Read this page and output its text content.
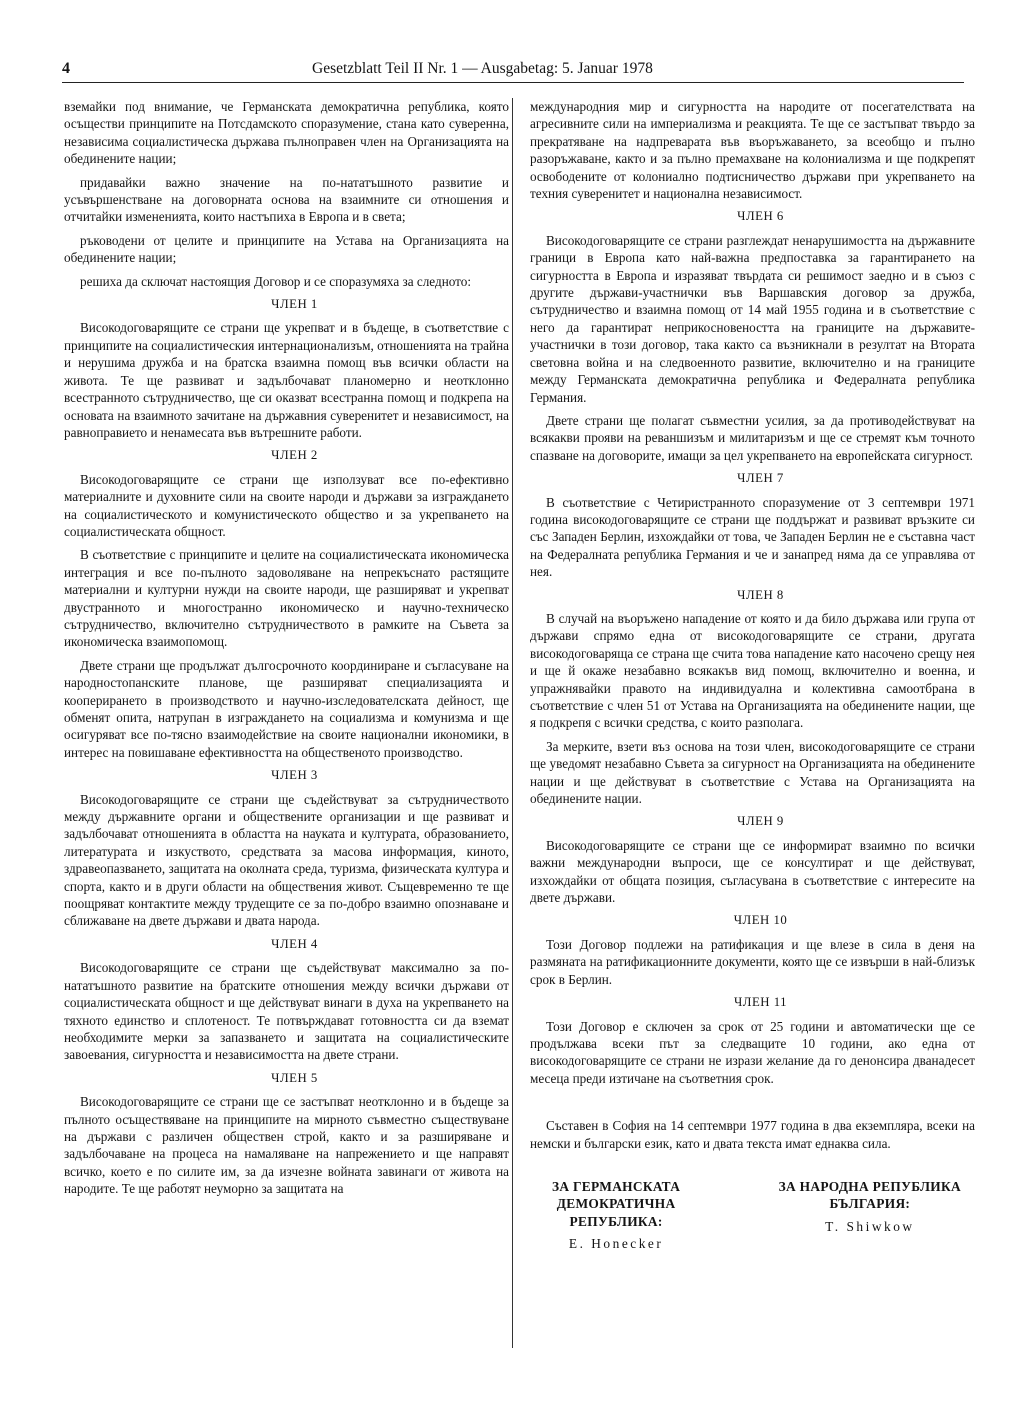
4	Gesetzblatt Teil II Nr. 1 — Ausgabetag: 5. Januar 1978

вземайки под внимание, че Германската демократична република, която осъществи принципите на Потсдамското споразумение, стана като суверенна, независима социалистическа държава пълноправен член на Организацията на обединените нации;

придавайки важно значение на по-нататъшното развитие и усъвършенстване на договорната основа на взаимните си отношения и отчитайки измененията, които настъпиха в Европа и в света;

ръководени от целите и принципите на Устава на Организацията на обединените нации;

решиха да сключат настоящия Договор и се споразумяха за следното:

ЧЛЕН 1

Високодоговарящите се страни ще укрепват и в бъдеще, в съответствие с принципите на социалистическия интернационализъм, отношенията на трайна и нерушима дружба и на братска взаимна помощ във всички области на живота. Те ще развиват и задълбочават планомерно и неотклонно всестранното сътрудничество, ще си оказват всестранна помощ и подкрепа на основата на взаимното зачитане на държавния суверенитет и независимост, на равноправието и ненамесата във вътрешните работи.

ЧЛЕН 2

Високодоговарящите се страни ще използуват все по-ефективно материалните и духовните сили на своите народи и държави за изграждането на социалистическото и комунистическото общество и за укрепването на социалистическата общност.

В съответствие с принципите и целите на социалистическата икономическа интеграция и все по-пълното задоволяване на непрекъснато растящите материални и културни нужди на своите народи, ще разширяват и укрепват двустранното и многостранно икономическо и научно-техническо сътрудничество, включително сътрудничеството в рамките на Съвета за икономическа взаимопомощ.

Двете страни ще продължат дългосрочното координиране и съгласуване на народностопанските планове, ще разширяват специализацията и кооперирането в производството и научно-изследователската дейност, ще обменят опита, натрупан в изграждането на социализма и комунизма и ще осигуряват все по-тясно взаимодействие на своите национални икономики, в интерес на повишаване ефективността на общественото производство.

ЧЛЕН 3

Високодоговарящите се страни ще съдействуват за сътрудничеството между държавните органи и обществените организации и ще развиват и задълбочават отношенията в областта на науката и културата, образованието, литературата и изкуството, средствата за масова информация, киното, здравеопазването, защитата на околната среда, туризма, физическата култура и спорта, както и в други области на обществения живот. Същевременно те ще поощряват контактите между трудещите се за по-добро взаимно опознаване и сближаване на двете държави и двата народа.

ЧЛЕН 4

Високодоговарящите се страни ще съдействуват максимално за по-нататъшното развитие на братските отношения между всички държави от социалистическата общност и ще действуват винаги в духа на укрепването на тяхното единство и сплотеност. Те потвърждават готовността си да вземат необходимите мерки за запазването и защитата на социалистическите завоевания, сигурността и независимостта на двете страни.

ЧЛЕН 5

Високодоговарящите се страни ще се застъпват неотклонно и в бъдеще за пълното осъществяване на принципите на мирното съвместно съществуване на държави с различен обществен строй, както и за разширяване и задълбочаване на процеса на намаляване на напрежението и ще направят всичко, което е по силите им, за да изчезне войната завинаги от живота на народите. Те ще работят неуморно за защитата на

международния мир и сигурността на народите от посегателствата на агресивните сили на империализма и реакцията. Те ще се застъпват твърдо за прекратяване на надпреварата във въоръжаването, за всеобщо и пълно разоръжаване, както и за пълно премахване на колониализма и ще подкрепят освободените от колониално подтисничество държави при укрепването на техния суверенитет и национална независимост.

ЧЛЕН 6

Високодоговарящите се страни разглеждат ненарушимостта на държавните граници в Европа като най-важна предпоставка за гарантирането на сигурността в Европа и изразяват твърдата си решимост заедно и в съюз с другите държави-участнички във Варшавския договор за дружба, сътрудничество и взаимна помощ от 14 май 1955 година и в съответствие с него да гарантират неприкосновеността на границите на държавите-участнички в този договор, така както са възникнали в резултат на Втората световна война и на следвоенното развитие, включително и на границите между Германската демократична република и Федералната република Германия.

Двете страни ще полагат съвместни усилия, за да противодействуват на всякакви прояви на реваншизъм и милитаризъм и ще се стремят към точното спазване на договорите, имащи за цел укрепването на европейската сигурност.

ЧЛЕН 7

В съответствие с Четиристранното споразумение от 3 септември 1971 година високодоговарящите се страни ще поддържат и развиват връзките си със Западен Берлин, изхождайки от това, че Западен Берлин не е съставна част на Федералната република Германия и че и занапред няма да се управлява от нея.

ЧЛЕН 8

В случай на въоръжено нападение от която и да било държава или група от държави спрямо една от високодоговарящите се страни, другата високодоговаряща се страна ще счита това нападение като насочено срещу нея и ще й окаже незабавно всякакъв вид помощ, включително и военна, и упражнявайки правото на индивидуална и колективна самоотбрана в съответствие с член 51 от Устава на Организацията на обединените нации, ще я подкрепя с всички средства, с които разполага.

За мерките, взети въз основа на този член, високодоговарящите се страни ще уведомят незабавно Съвета за сигурност на Организацията на обединените нации и ще действуват в съответствие с Устава на Организацията на обединените нации.

ЧЛЕН 9

Високодоговарящите се страни ще се информират взаимно по всички важни международни въпроси, ще се консултират и ще действуват, изхождайки от общата позиция, съгласувана в съответствие с интересите на двете държави.

ЧЛЕН 10

Този Договор подлежи на ратификация и ще влезе в сила в деня на размяната на ратификационните документи, която ще се извърши в най-близък срок в Берлин.

ЧЛЕН 11

Този Договор е сключен за срок от 25 години и автоматически ще се продължава всеки път за следващите 10 години, ако една от високодоговарящите се страни не изрази желание да го денонсира дванадесет месеца преди изтичане на съответния срок.

Съставен в София на 14 септември 1977 година в два екземпляра, всеки на немски и български език, като и двата текста имат еднаква сила.

ЗА ГЕРМАНСКАТА
ДЕМОКРАТИЧНА
РЕПУБЛИКА:
E. Honecker
ЗА НАРОДНА РЕПУБЛИКА
БЪЛГАРИЯ:
T. Shiwkow
